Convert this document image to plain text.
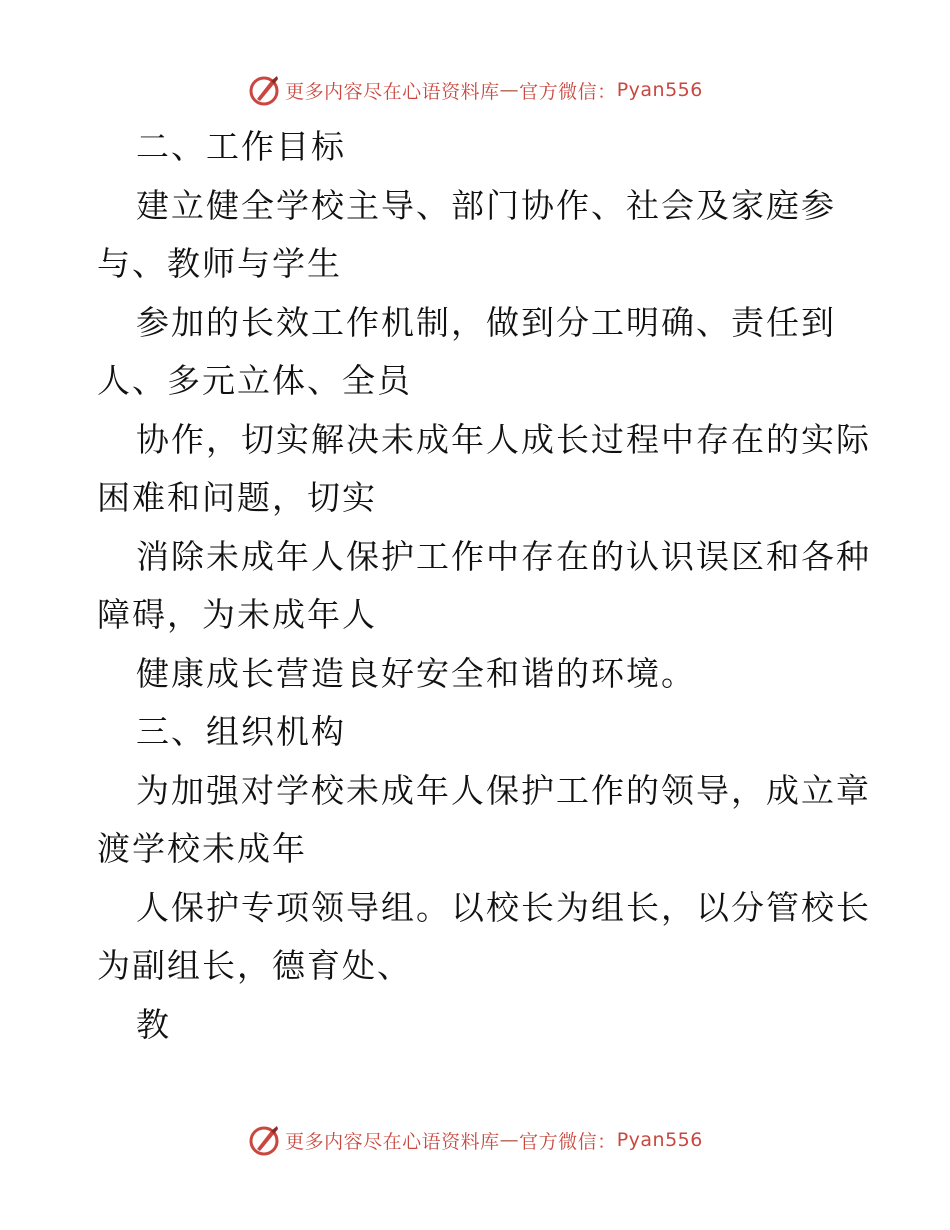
更多内容尽在心语资料库 — 官方微信： Pyan556
二、工作目标
建立健全学校主导、部门协作、社会及家庭参
与、教师与学生
参加的长效工作机制，做到分工明确、责任到
人、多元立体、全员
协作，切实解决未成年人成长过程中存在的实际
困难和问题，切实
消除未成年人保护工作中存在的认识误区和各种
障碍，为未成年人
健康成长营造良好安全和谐的环境。
三、组织机构
为加强对学校未成年人保护工作的领导，成立章
渡学校未成年
人保护专项领导组。以校长为组长，以分管校长
为副组长，德育处、
教
更多内容尽在心语资料库 — 官方微信： Pyan556
